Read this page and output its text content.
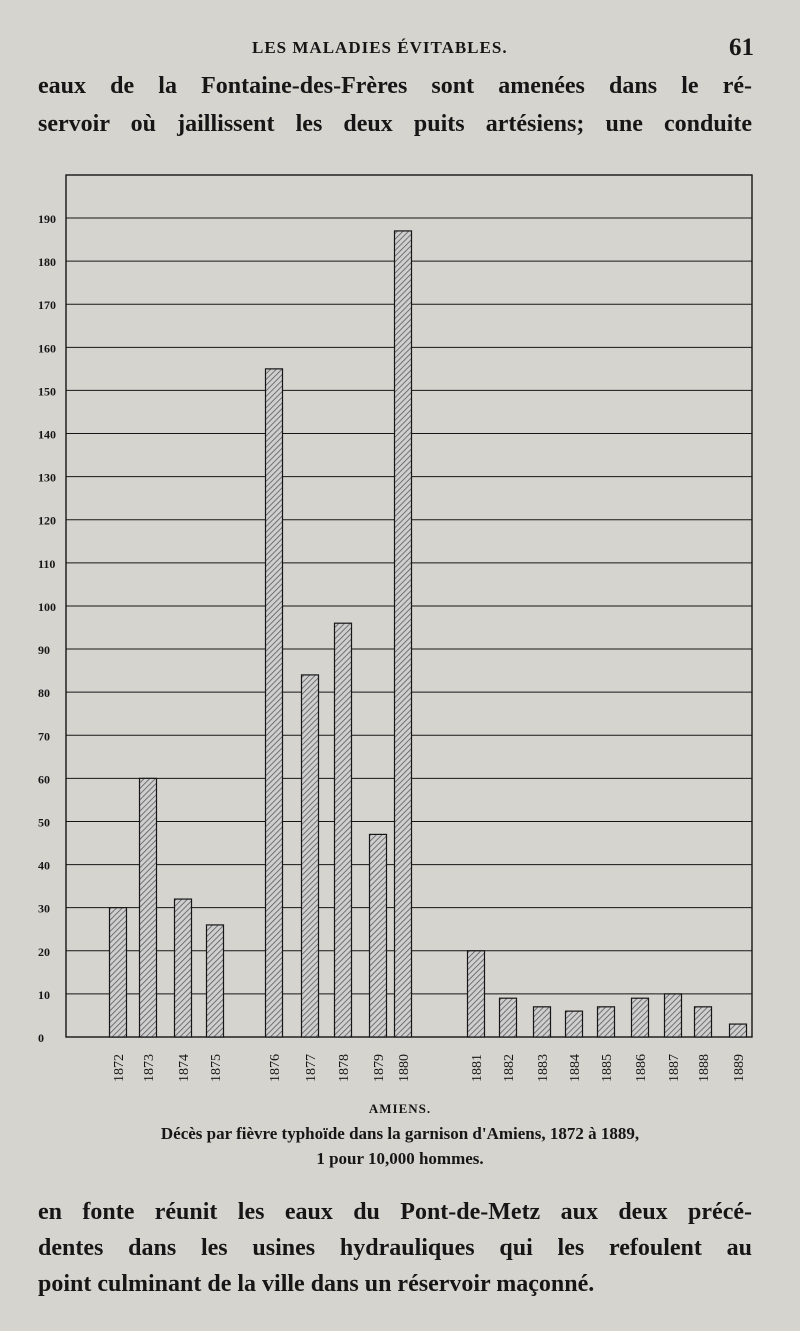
LES MALADIES ÉVITABLES.	61
eaux de la Fontaine-des-Frères sont amenées dans le ré-
servoir où jaillissent les deux puits artésiens; une conduite
0
10
20
30
40
50
60
70
80
90
100
110
120
130
140
150
160
170
180
190
1872 1873 1874 1875	1876 1877 1878 1879 1880	1881 1882 1883 1884 1885 1886 1887 1888 1889
AMIENS.
Décès par fièvre typhoïde dans la garnison d'Amiens, 1872 à 1889,
1 pour 10,000 hommes.
en fonte réunit les eaux du Pont-de-Metz aux deux précé-
dentes dans les usines hydrauliques qui les refoulent au
point culminant de la ville dans un réservoir maçonné.
